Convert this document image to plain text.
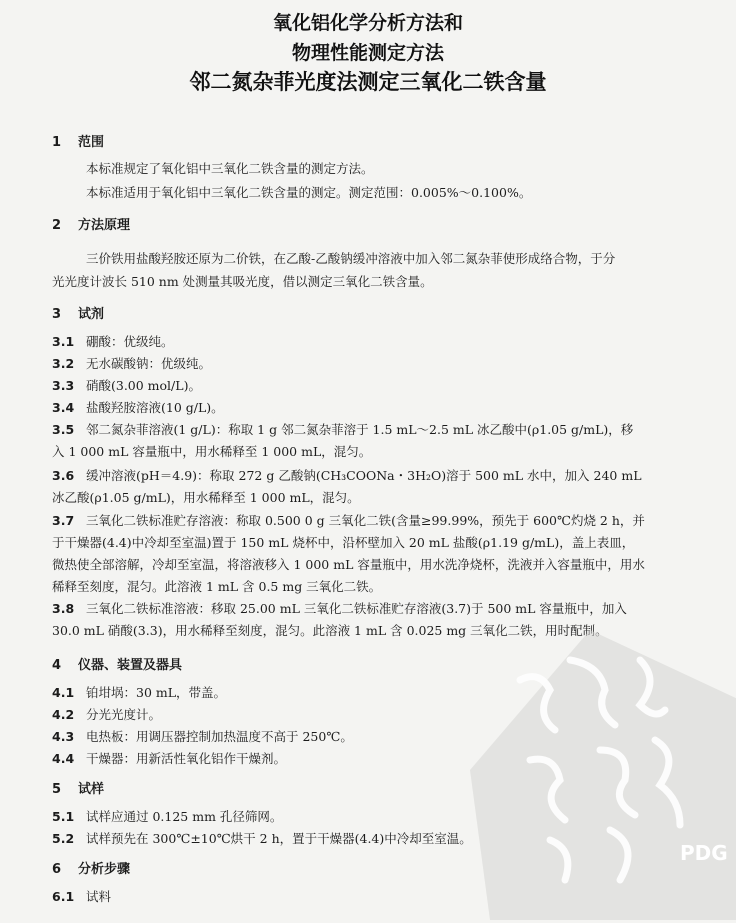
氧化铝化学分析方法和
物理性能测定方法
邻二氮杂菲光度法测定三氧化二铁含量
1 范围
本标准规定了氧化铝中三氧化二铁含量的测定方法。
本标准适用于氧化铝中三氧化二铁含量的测定。测定范围：0.005%～0.100%。
2 方法原理
三价铁用盐酸羟胺还原为二价铁，在乙酸-乙酸钠缓冲溶液中加入邻二氮杂菲使形成络合物，于分
光光度计波长 510 nm 处测量其吸光度，借以测定三氧化二铁含量。
3 试剂
3.1 硼酸：优级纯。
3.2 无水碳酸钠：优级纯。
3.3 硝酸(3.00 mol/L)。
3.4 盐酸羟胺溶液(10 g/L)。
3.5 邻二氮杂菲溶液(1 g/L)：称取 1 g 邻二氮杂菲溶于 1.5 mL～2.5 mL 冰乙酸中(ρ1.05 g/mL)，移
入 1 000 mL 容量瓶中，用水稀释至 1 000 mL，混匀。
3.6 缓冲溶液(pH＝4.9)：称取 272 g 乙酸钠(CH₃COONa・3H₂O)溶于 500 mL 水中，加入 240 mL
冰乙酸(ρ1.05 g/mL)，用水稀释至 1 000 mL，混匀。
3.7 三氧化二铁标准贮存溶液：称取 0.500 0 g 三氧化二铁(含量≥99.99%，预先于 600℃灼烧 2 h，并
于干燥器(4.4)中冷却至室温)置于 150 mL 烧杯中，沿杯壁加入 20 mL 盐酸(ρ1.19 g/mL)，盖上表皿，
微热使全部溶解，冷却至室温，将溶液移入 1 000 mL 容量瓶中，用水洗净烧杯，洗液并入容量瓶中，用水
稀释至刻度，混匀。此溶液 1 mL 含 0.5 mg 三氧化二铁。
3.8 三氧化二铁标准溶液：移取 25.00 mL 三氧化二铁标准贮存溶液(3.7)于 500 mL 容量瓶中，加入
30.0 mL 硝酸(3.3)，用水稀释至刻度，混匀。此溶液 1 mL 含 0.025 mg 三氧化二铁，用时配制。
4 仪器、装置及器具
4.1 铂坩埚：30 mL，带盖。
4.2 分光光度计。
4.3 电热板：用调压器控制加热温度不高于 250℃。
4.4 干燥器：用新活性氧化铝作干燥剂。
5 试样
5.1 试样应通过 0.125 mm 孔径筛网。
5.2 试样预先在 300℃±10℃烘干 2 h，置于干燥器(4.4)中冷却至室温。
6 分析步骤
6.1 试料
PDG
